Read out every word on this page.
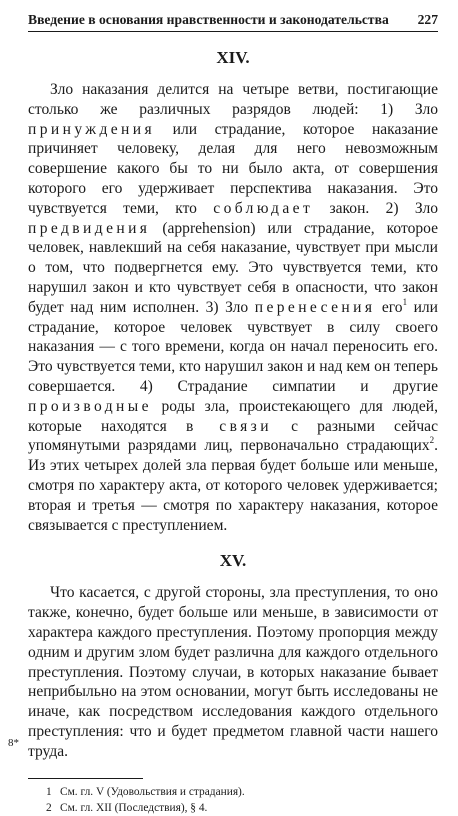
Введение в основания нравственности и законодательства 227
XIV.

Зло наказания делится на четыре ветви, постигающие столько же различных разрядов людей: 1) Зло принуждения или страдание, которое наказание причиняет человеку, делая для него невозможным совершение какого бы то ни было акта, от совершения которого его удерживает перспектива наказания. Это чувствуется теми, кто соблюдает закон. 2) Зло предвидения (apprehension) или страдание, которое человек, навлекший на себя наказание, чувствует при мысли о том, что подвергнется ему. Это чувствуется теми, кто нарушил закон и кто чувствует себя в опасности, что закон будет над ним исполнен. 3) Зло перенесения его$^1$ или страдание, которое человек чувствует в силу своего наказания — с того времени, когда он начал переносить его. Это чувствуется теми, кто нарушил закон и над кем он теперь совершается. 4) Страдание симпатии и другие производные роды зла, проистекающего для людей, которые находятся в связи с разными сейчас упомянутыми разрядами лиц, первоначально страдающих$^2$. Из этих четырех долей зла первая будет больше или меньше, смотря по характеру акта, от которого человек удерживается; вторая и третья — смотря по характеру наказания, которое связывается с преступлением.

XV.

Что касается, с другой стороны, зла преступления, то оно также, конечно, будет больше или меньше, в зависимости от характера каждого преступления. Поэтому пропорция между одним и другим злом будет различна для каждого отдельного преступления. Поэтому случаи, в которых наказание бывает неприбыльно на этом основании, могут быть исследованы не иначе, как посредством исследования каждого отдельного преступления: что и будет предметом главной части нашего труда.

1 См. гл. V (Удовольствия и страдания).
2 См. гл. XII (Последствия), § 4.
8*
